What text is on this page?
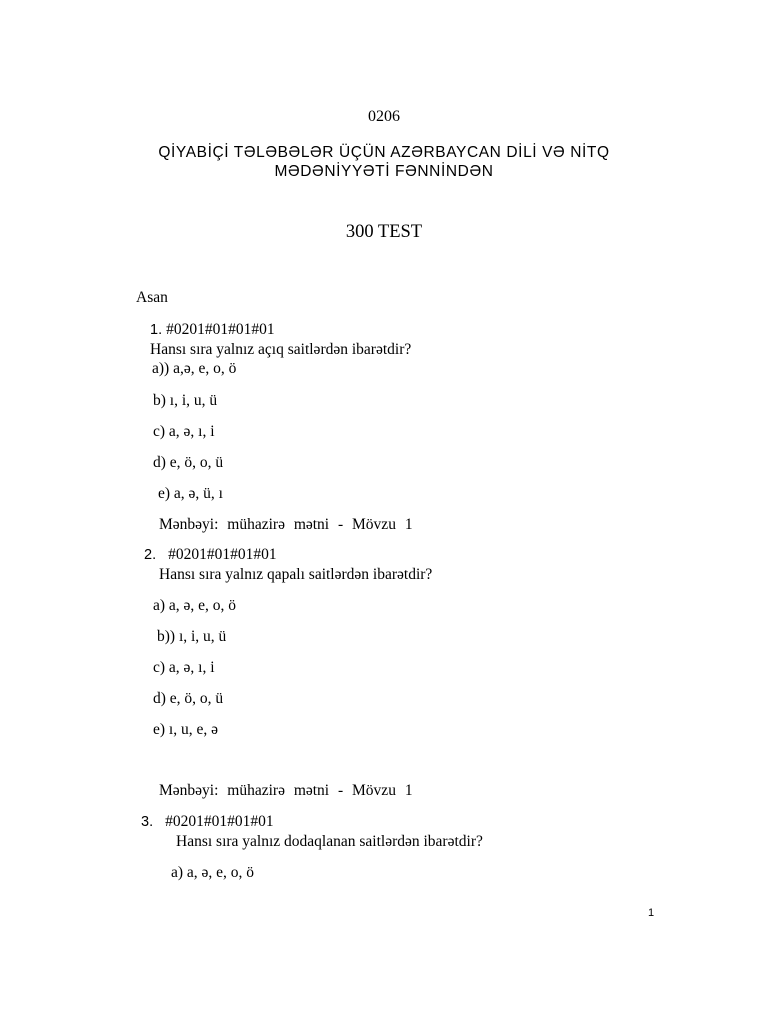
0206
QİYABİÇİ TƏLƏBƏLƏR ÜÇÜN AZƏRBAYCAN DİLİ VƏ NİTQ
MƏDƏNİYYƏTİ FƏNNİNDƏN
300 TEST
Asan
1. #0201#01#01#01
Hansı sıra yalnız açıq saitlərdən ibarətdir?
a)) a,ə, e, o, ö
b) ı, i, u, ü
c) a, ə, ı, i
d) e, ö, o, ü
e) a, ə, ü, ı
Mənbəyi: mühazirə mətni - Mövzu 1
2. #0201#01#01#01
Hansı sıra yalnız qapalı saitlərdən ibarətdir?
a) a, ə, e, o, ö
b)) ı, i, u, ü
c) a, ə, ı, i
d) e, ö, o, ü
e) ı, u, e, ə
Mənbəyi: mühazirə mətni - Mövzu 1
3. #0201#01#01#01
Hansı sıra yalnız dodaqlanan saitlərdən ibarətdir?
a) a, ə, e, o, ö
1
